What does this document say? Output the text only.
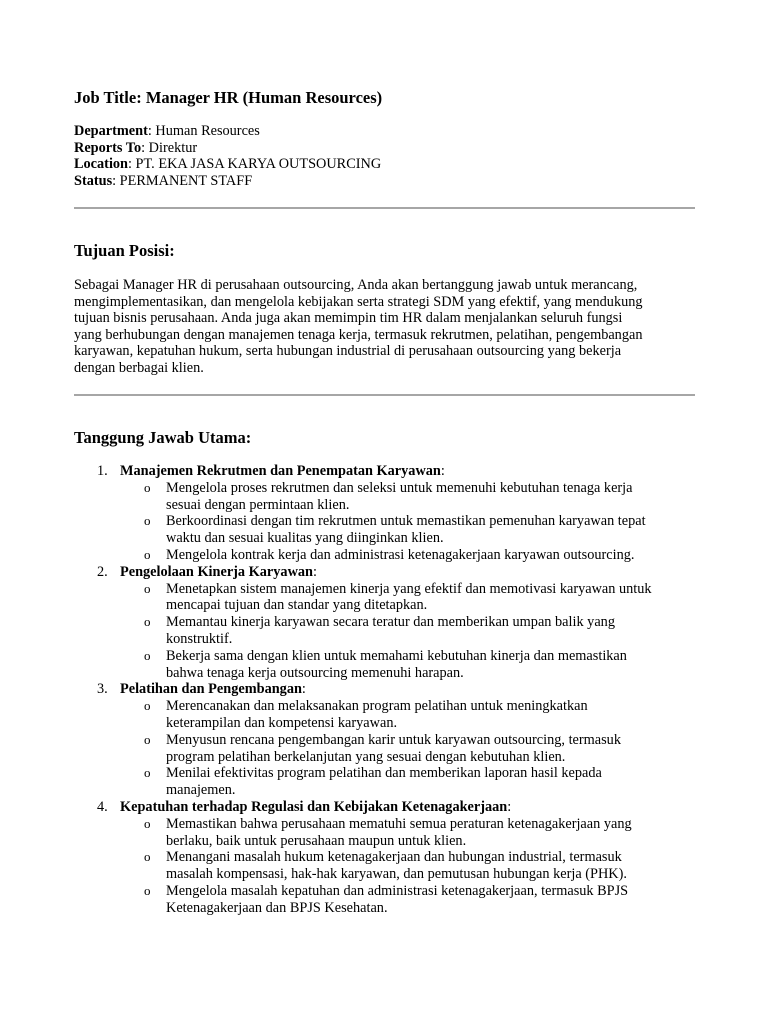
Job Title: Manager HR (Human Resources)
Department: Human Resources
Reports To: Direktur
Location: PT. EKA JASA KARYA OUTSOURCING
Status: PERMANENT STAFF
Tujuan Posisi:

Sebagai Manager HR di perusahaan outsourcing, Anda akan bertanggung jawab untuk merancang,
mengimplementasikan, dan mengelola kebijakan serta strategi SDM yang efektif, yang mendukung
tujuan bisnis perusahaan. Anda juga akan memimpin tim HR dalam menjalankan seluruh fungsi
yang berhubungan dengan manajemen tenaga kerja, termasuk rekrutmen, pelatihan, pengembangan
karyawan, kepatuhan hukum, serta hubungan industrial di perusahaan outsourcing yang bekerja
dengan berbagai klien.

Tanggung Jawab Utama:
1. Manajemen Rekrutmen dan Penempatan Karyawan:
o Mengelola proses rekrutmen dan seleksi untuk memenuhi kebutuhan tenaga kerja
sesuai dengan permintaan klien.
o Berkoordinasi dengan tim rekrutmen untuk memastikan pemenuhan karyawan tepat
waktu dan sesuai kualitas yang diinginkan klien.
o Mengelola kontrak kerja dan administrasi ketenagakerjaan karyawan outsourcing.
2. Pengelolaan Kinerja Karyawan:
o Menetapkan sistem manajemen kinerja yang efektif dan memotivasi karyawan untuk
mencapai tujuan dan standar yang ditetapkan.
o Memantau kinerja karyawan secara teratur dan memberikan umpan balik yang
konstruktif.
o Bekerja sama dengan klien untuk memahami kebutuhan kinerja dan memastikan
bahwa tenaga kerja outsourcing memenuhi harapan.
3. Pelatihan dan Pengembangan:
o Merencanakan dan melaksanakan program pelatihan untuk meningkatkan
keterampilan dan kompetensi karyawan.
o Menyusun rencana pengembangan karir untuk karyawan outsourcing, termasuk
program pelatihan berkelanjutan yang sesuai dengan kebutuhan klien.
o Menilai efektivitas program pelatihan dan memberikan laporan hasil kepada
manajemen.
4. Kepatuhan terhadap Regulasi dan Kebijakan Ketenagakerjaan:
o Memastikan bahwa perusahaan mematuhi semua peraturan ketenagakerjaan yang
berlaku, baik untuk perusahaan maupun untuk klien.
o Menangani masalah hukum ketenagakerjaan dan hubungan industrial, termasuk
masalah kompensasi, hak-hak karyawan, dan pemutusan hubungan kerja (PHK).
o Mengelola masalah kepatuhan dan administrasi ketenagakerjaan, termasuk BPJS
Ketenagakerjaan dan BPJS Kesehatan.
